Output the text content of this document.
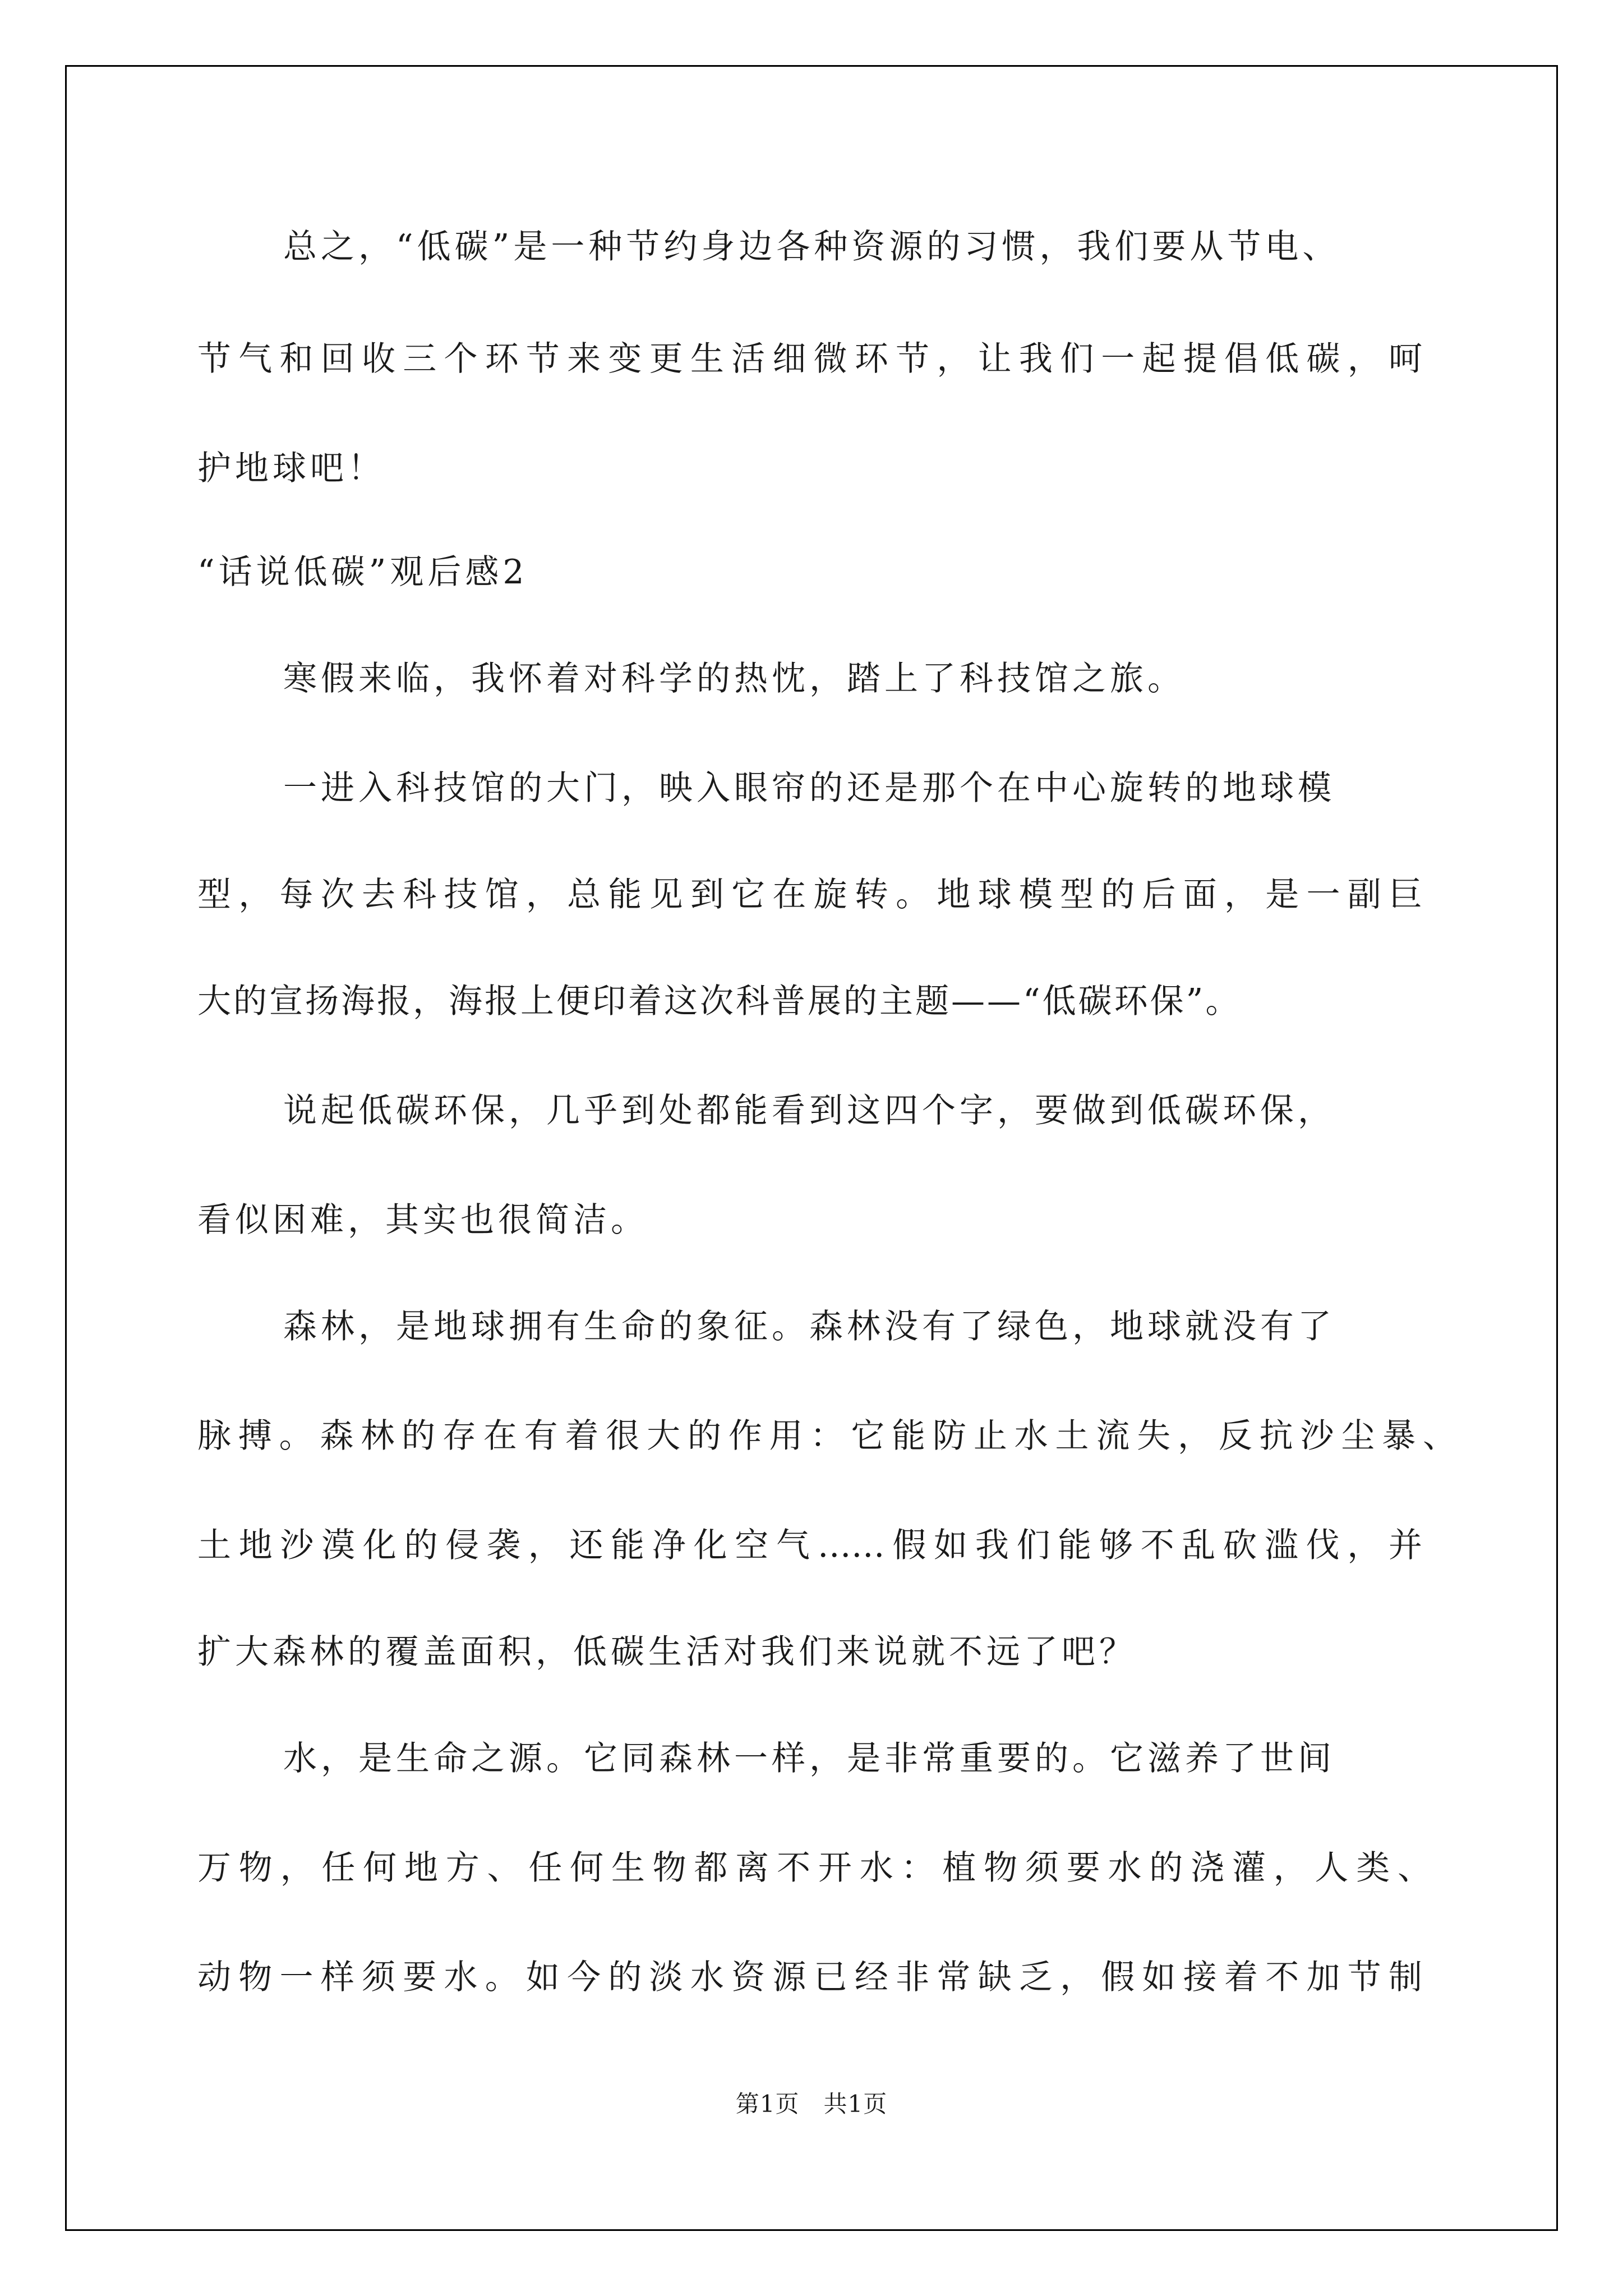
总之，“低碳”是一种节约身边各种资源的习惯，我们要从节电、

节气和回收三个环节来变更生活细微环节，让我们一起提倡低碳，呵

护地球吧！

“话说低碳”观后感2

寒假来临，我怀着对科学的热忱，踏上了科技馆之旅。

一进入科技馆的大门，映入眼帘的还是那个在中心旋转的地球模

型，每次去科技馆，总能见到它在旋转。地球模型的后面，是一副巨

大的宣扬海报，海报上便印着这次科普展的主题——“低碳环保”。

说起低碳环保，几乎到处都能看到这四个字，要做到低碳环保，

看似困难，其实也很简洁。

森林，是地球拥有生命的象征。森林没有了绿色，地球就没有了

脉搏。森林的存在有着很大的作用：它能防止水土流失，反抗沙尘暴、

土地沙漠化的侵袭，还能净化空气……假如我们能够不乱砍滥伐，并

扩大森林的覆盖面积，低碳生活对我们来说就不远了吧？

水，是生命之源。它同森林一样，是非常重要的。它滋养了世间

万物，任何地方、任何生物都离不开水：植物须要水的浇灌，人类、

动物一样须要水。如今的淡水资源已经非常缺乏，假如接着不加节制

第1页　共1页
